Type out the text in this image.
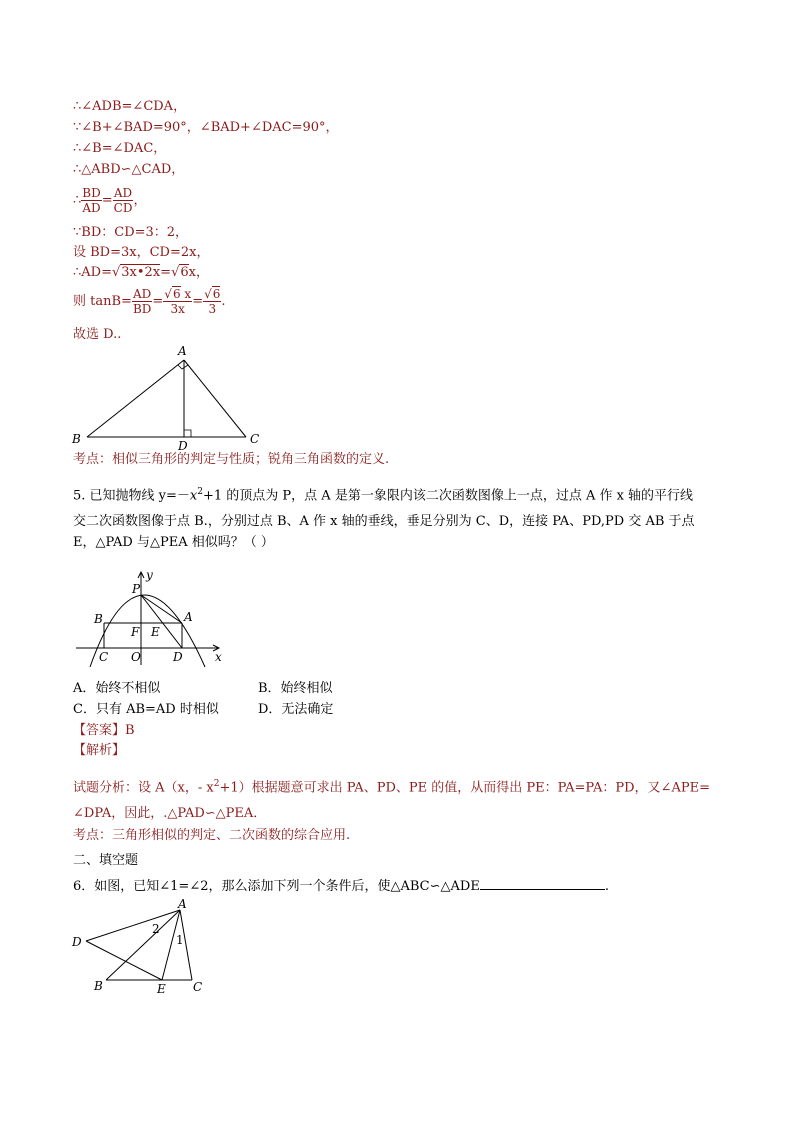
∴∠ADB=∠CDA，
∵∠B+∠BAD=90°，∠BAD+∠DAC=90°，
∴∠B=∠DAC，
∴△ABD∽△CAD，
∴ $\frac{BD}{AD} = \frac{AD}{CD}$ ，
∵BD：CD=3：2，
设 BD=3x，CD=2x，
∴AD=√3x•2x=√6x，
则 $\tan B= \frac{AD}{BD} = \frac{√6 x}{3x} = \frac{√6}{3}$ .
故选 D..
A
B	C
D
考点：相似三角形的判定与性质；锐角三角函数的定义.
5. 已知抛物线 $y=-x^2+1$ 的顶点为 P，点 A 是第一象限内该二次函数图像上一点，过点 A 作 x 轴的平行线
交二次函数图像于点 B.，分别过点 B、A 作 x 轴的垂线，垂足分别为 C、D，连接 PA、PD,PD 交 AB 于点
E，△PAD 与△PEA 相似吗？（ ）
y
P
A
B
F E
C O	D	x
A．始终不相似	B．始终相似
C．只有 AB=AD 时相似	D．无法确定
【答案】B
【解析】
试题分析：设 A（x，- $x^2+1$）根据题意可求出 PA、PD、PE 的值，从而得出 PE：PA=PA：PD，又∠APE=
∠DPA，因此，.△PAD∽△PEA．
考点：三角形相似的判定、二次函数的综合应用.
二、填空题
6．如图，已知∠1=∠2，那么添加下列一个条件后，使△ABC∽△ADE	.
A
D
B	E C
1
2
